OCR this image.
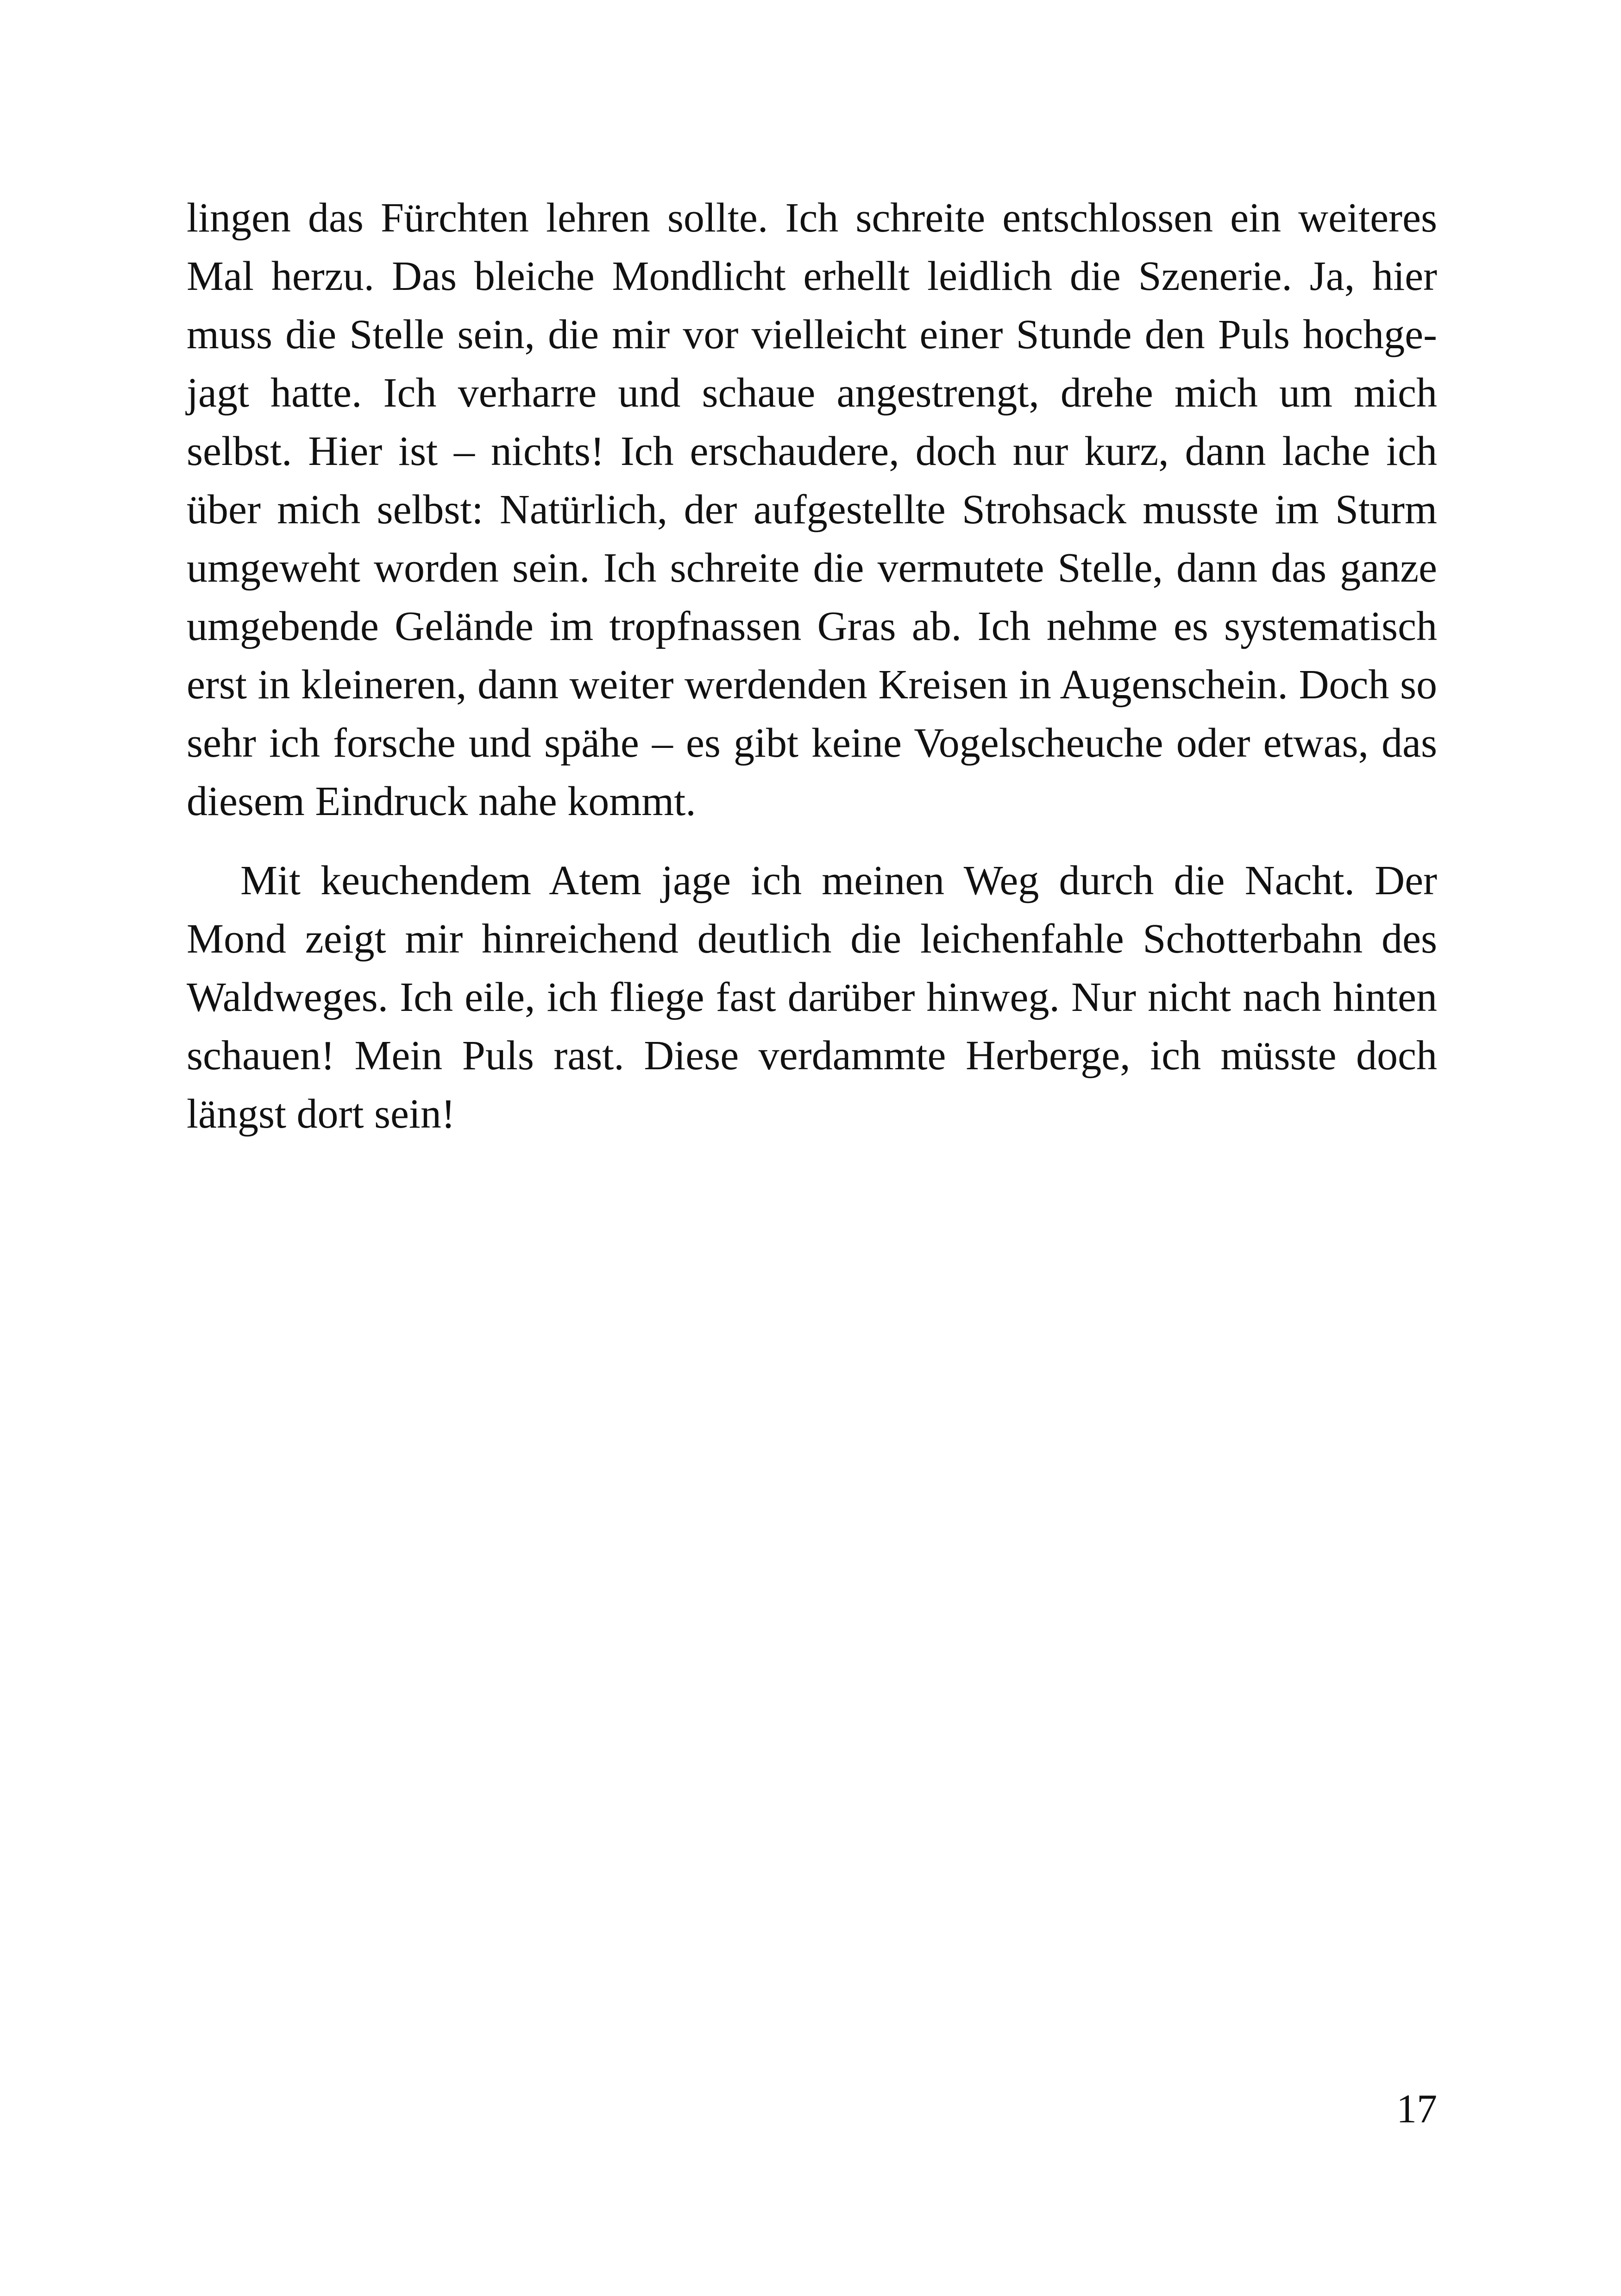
lingen das Fürchten lehren sollte. Ich schreite entschlossen ein weiteres
Mal herzu. Das bleiche Mondlicht erhellt leidlich die Szenerie. Ja, hier
muss die Stelle sein, die mir vor vielleicht einer Stunde den Puls hochge-
jagt hatte. Ich verharre und schaue angestrengt, drehe mich um mich
selbst. Hier ist – nichts! Ich erschaudere, doch nur kurz, dann lache ich
über mich selbst: Natürlich, der aufgestellte Strohsack musste im Sturm
umgeweht worden sein. Ich schreite die vermutete Stelle, dann das ganze
umgebende Gelände im tropfnassen Gras ab. Ich nehme es systematisch
erst in kleineren, dann weiter werdenden Kreisen in Augenschein. Doch so
sehr ich forsche und spähe – es gibt keine Vogelscheuche oder etwas, das
diesem Eindruck nahe kommt.
Mit keuchendem Atem jage ich meinen Weg durch die Nacht. Der
Mond zeigt mir hinreichend deutlich die leichenfahle Schotterbahn des
Waldweges. Ich eile, ich fliege fast darüber hinweg. Nur nicht nach hinten
schauen! Mein Puls rast. Diese verdammte Herberge, ich müsste doch
längst dort sein!
17
